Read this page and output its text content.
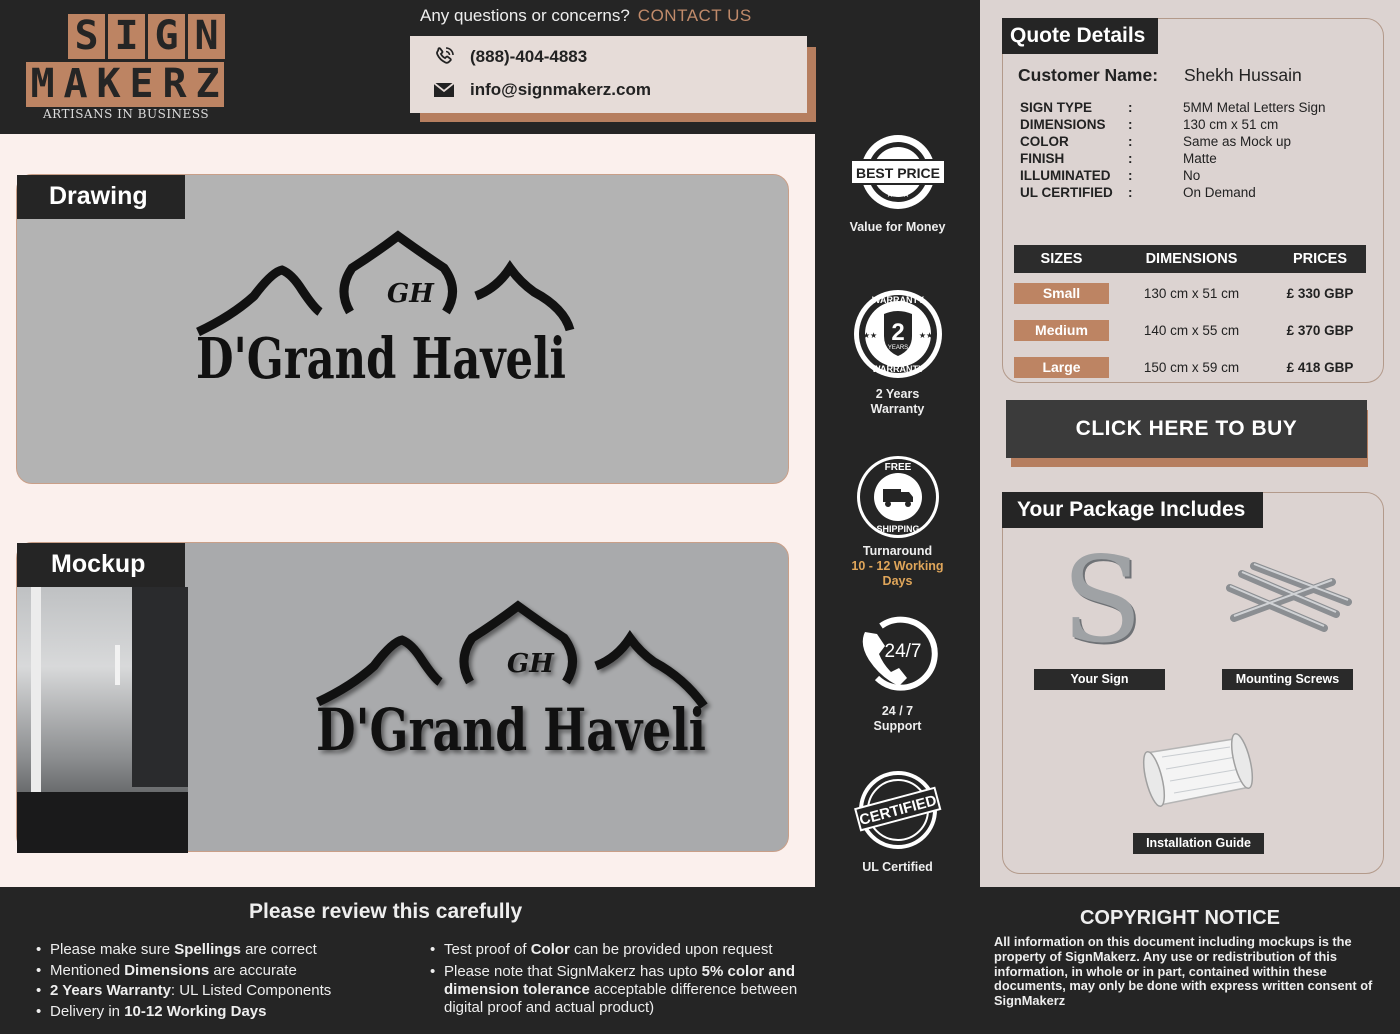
S I G N
M A K E R Z
ARTISANS IN BUSINESS
Any questions or concerns? CONTACT US
(888)-404-4883
info@signmakerz.com
Drawing
GH
D'Grand Haveli
Mockup
GH
D'Grand Haveli
BEST PRICE
★★★
★★★
Value for Money
2
YEARS
WARRANTY
WARRANTY
★★	★★
2 Years
Warranty
FREE
SHIPPING
Turnaround
10 - 12 Working
Days
24/7
24 / 7
Support
CERTIFIED
UL Certified
Quote Details
Customer Name: Shekh Hussain
SIGN TYPE	:	5MM Metal Letters Sign
DIMENSIONS	:	130 cm x 51 cm
COLOR	:	Same as Mock up
FINISH	:	Matte
ILLUMINATED	:	No
UL CERTIFIED	:	On Demand
SIZES	DIMENSIONS	PRICES
Small	130 cm x 51 cm	£ 330 GBP
Medium	140 cm x 55 cm	£ 370 GBP
Large	150 cm x 59 cm	£ 418 GBP
Your Package Includes
S
Your Sign	Mounting Screws
Installation Guide
CLICK HERE TO BUY
Please review this carefully
• Please make sure Spellings are correct
• Mentioned Dimensions are accurate
• 2 Years Warranty: UL Listed Components
• Delivery in 10-12 Working Days
• Test proof of Color can be provided upon request
• Please note that SignMakerz has upto 5% color and dimension tolerance acceptable difference between digital proof and actual product)
COPYRIGHT NOTICE
All information on this document including mockups is the property of SignMakerz. Any use or redistribution of this information, in whole or in part, contained within these documents, may only be done with express written consent of SignMakerz
